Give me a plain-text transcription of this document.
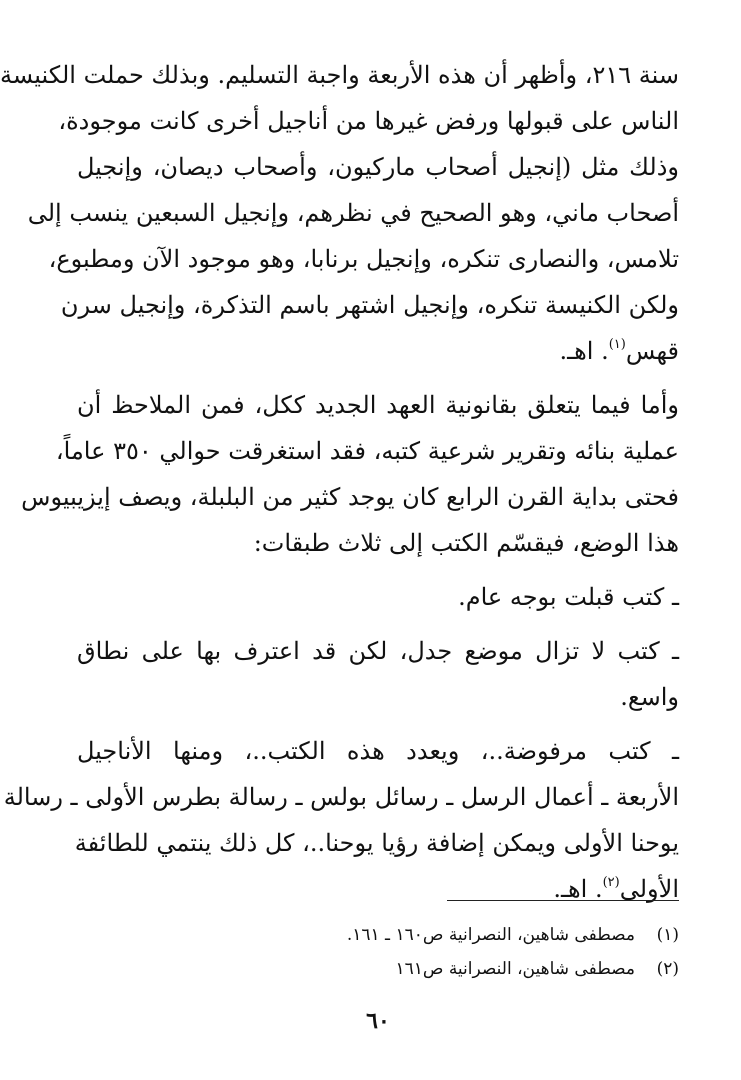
سنة ٢١٦، وأظهر أن هذه الأربعة واجبة التسليم. وبذلك حملت الكنيسة
الناس على قبولها ورفض غيرها من أناجيل أخرى كانت موجودة،
وذلك مثل (إنجيل أصحاب ماركيون، وأصحاب ديصان، وإنجيل
أصحاب ماني، وهو الصحيح في نظرهم، وإنجيل السبعين ينسب إلى
تلامس، والنصارى تنكره، وإنجيل برنابا، وهو موجود الآن ومطبوع،
ولكن الكنيسة تنكره، وإنجيل اشتهر باسم التذكرة، وإنجيل سرن
قهس$^{(١)}$. اهـ.

وأما فيما يتعلق بقانونية العهد الجديد ككل، فمن الملاحظ أن
عملية بنائه وتقرير شرعية كتبه، فقد استغرقت حوالي ٣٥٠ عاماً،
فحتى بداية القرن الرابع كان يوجد كثير من البلبلة، ويصف إيزيبيوس
هذا الوضع، فيقسّم الكتب إلى ثلاث طبقات:

ـ كتب قبلت بوجه عام.

ـ كتب لا تزال موضع جدل، لكن قد اعترف بها على نطاق
واسع.

ـ كتب مرفوضة..، ويعدد هذه الكتب..، ومنها الأناجيل
الأربعة ـ أعمال الرسل ـ رسائل بولس ـ رسالة بطرس الأولى ـ رسالة
يوحنا الأولى ويمكن إضافة رؤيا يوحنا..، كل ذلك ينتمي للطائفة
الأولى$^{(٢)}$. اهـ.

(١)مصطفى شاهين، النصرانية ص١٦٠ ـ ١٦١.
(٢)مصطفى شاهين، النصرانية ص١٦١
٦٠
